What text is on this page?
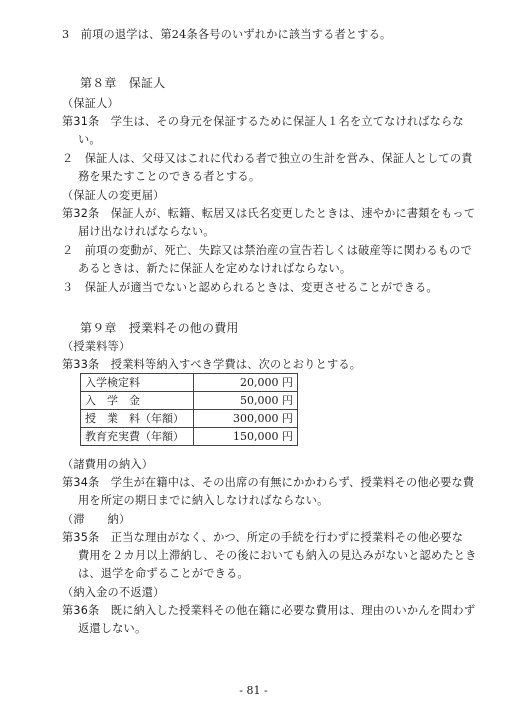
3　前項の退学は、第24条各号のいずれかに該当する者とする。
第８章　保証人
（保証人）
第31条　学生は、その身元を保証するために保証人１名を立てなければならな
い。
２　保証人は、父母又はこれに代わる者で独立の生計を営み、保証人としての責
務を果たすことのできる者とする。
（保証人の変更届）
第32条　保証人が、転籍、転居又は氏名変更したときは、速やかに書類をもって
届け出なければならない。
２　前項の変動が、死亡、失踪又は禁治産の宣告若しくは破産等に関わるもので
あるときは、新たに保証人を定めなければならない。
３　保証人が適当でないと認められるときは、変更させることができる。
第９章　授業料その他の費用
（授業料等）
第33条　授業料等納入すべき学費は、次のとおりとする。
（諸費用の納入）
第34条　学生が在籍中は、その出席の有無にかかわらず、授業料その他必要な費
用を所定の期日までに納入しなければならない。
（滞　　納）
第35条　正当な理由がなく、かつ、所定の手続を行わずに授業料その他必要な
費用を２カ月以上滞納し、その後においても納入の見込みがないと認めたとき
は、退学を命ずることができる。
（納入金の不返還）
第36条　既に納入した授業料その他在籍に必要な費用は、理由のいかんを問わず
返還しない。
入学検定料	20,000 円
入　学　金	50,000 円
授　業　料（年額）	300,000 円
教育充実費（年額）	150,000 円
- 81 -
